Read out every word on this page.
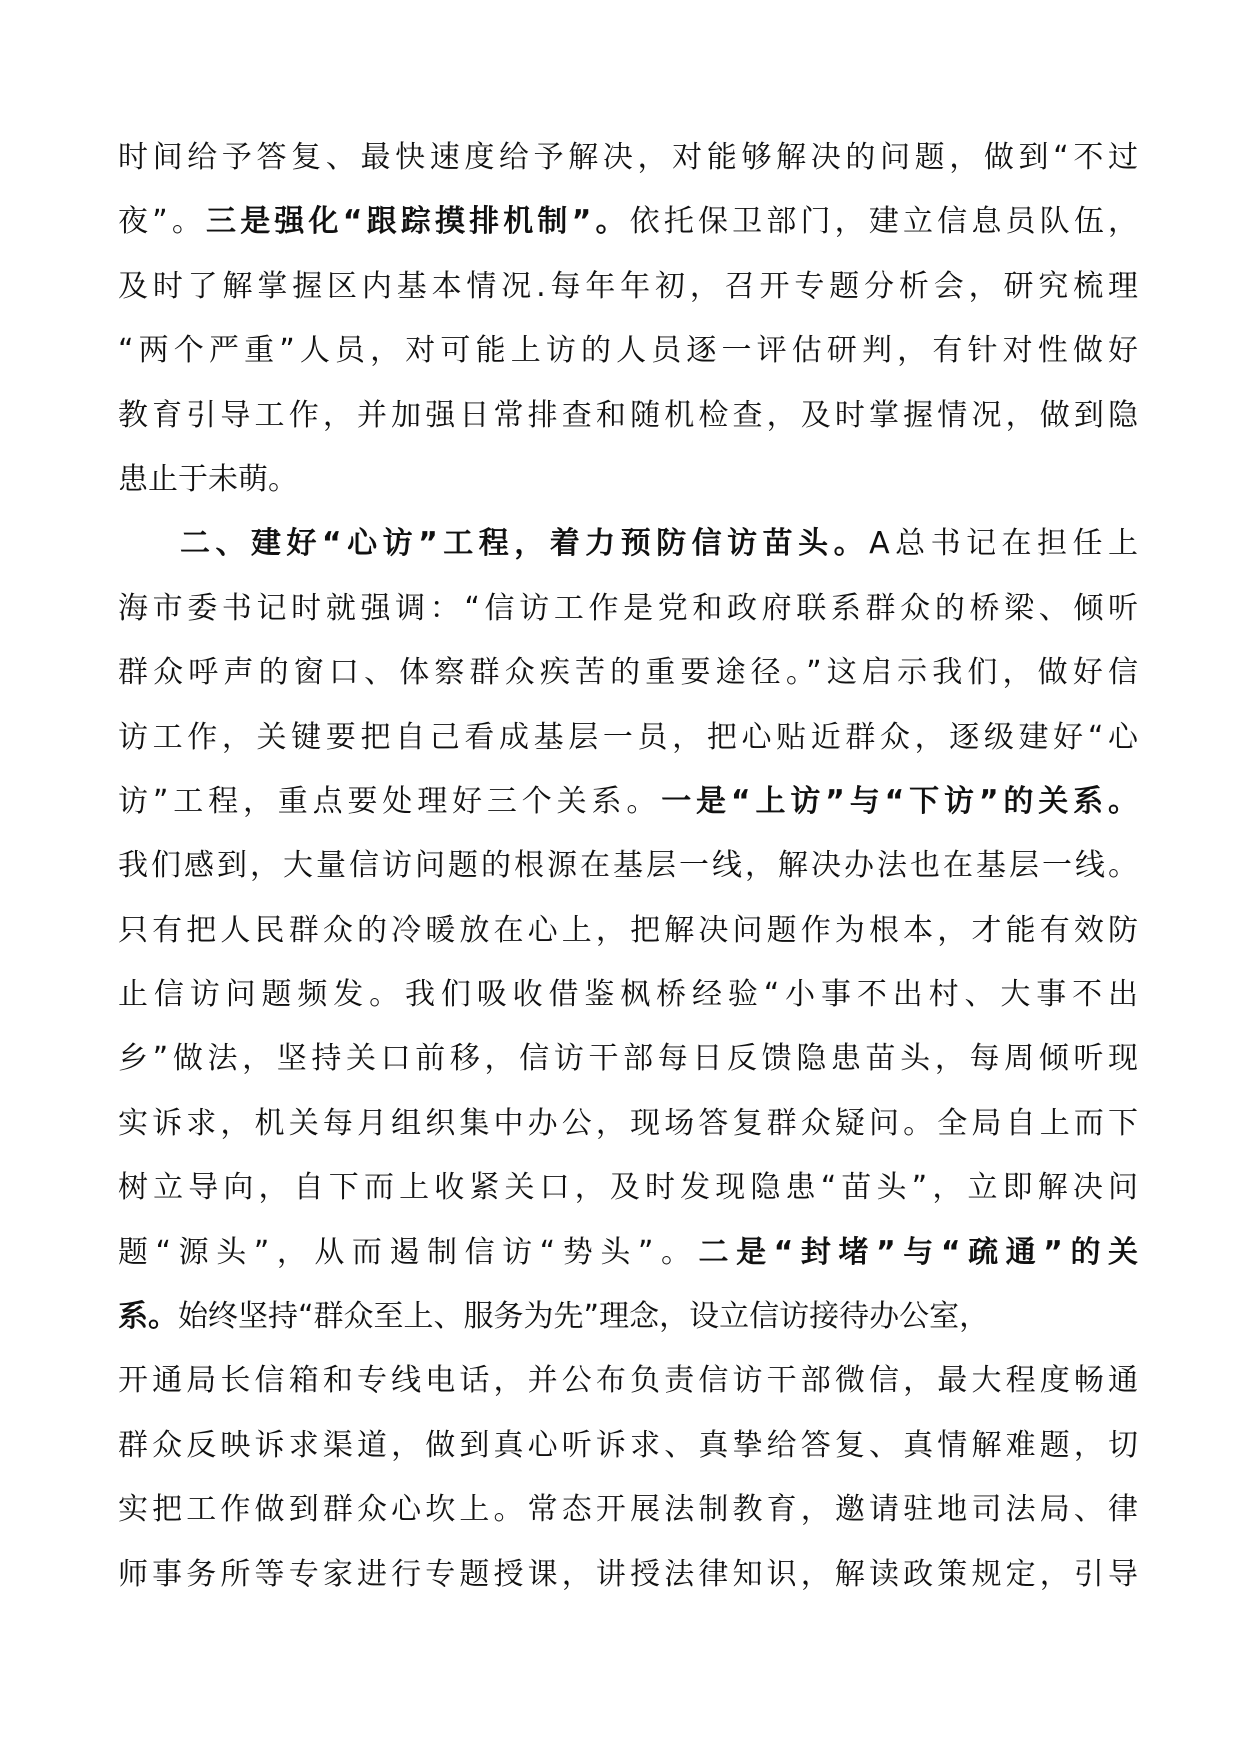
时间给予答复、最快速度给予解决，对能够解决的问题，做到“不过
夜”。三是强化“跟踪摸排机制”。依托保卫部门，建立信息员队伍，
及时了解掌握区内基本情况.每年年初，召开专题分析会，研究梳理
“两个严重”人员，对可能上访的人员逐一评估研判，有针对性做好
教育引导工作，并加强日常排查和随机检查，及时掌握情况，做到隐
患止于未萌。
二、建好“心访”工程，着力预防信访苗头。A总书记在担任上
海市委书记时就强调：“信访工作是党和政府联系群众的桥梁、倾听
群众呼声的窗口、体察群众疾苦的重要途径。”这启示我们，做好信
访工作，关键要把自己看成基层一员，把心贴近群众，逐级建好“心
访”工程，重点要处理好三个关系。一是“上访”与“下访”的关系。
我们感到，大量信访问题的根源在基层一线，解决办法也在基层一线。
只有把人民群众的冷暖放在心上，把解决问题作为根本，才能有效防
止信访问题频发。我们吸收借鉴枫桥经验“小事不出村、大事不出
乡”做法，坚持关口前移，信访干部每日反馈隐患苗头，每周倾听现
实诉求，机关每月组织集中办公，现场答复群众疑问。全局自上而下
树立导向，自下而上收紧关口，及时发现隐患“苗头”，立即解决问
题“源头”，从而遏制信访“势头”。二是“封堵”与“疏通”的关
系。始终坚持“群众至上、服务为先”理念，设立信访接待办公室，
开通局长信箱和专线电话，并公布负责信访干部微信，最大程度畅通
群众反映诉求渠道，做到真心听诉求、真挚给答复、真情解难题，切
实把工作做到群众心坎上。常态开展法制教育，邀请驻地司法局、律
师事务所等专家进行专题授课，讲授法律知识，解读政策规定，引导
